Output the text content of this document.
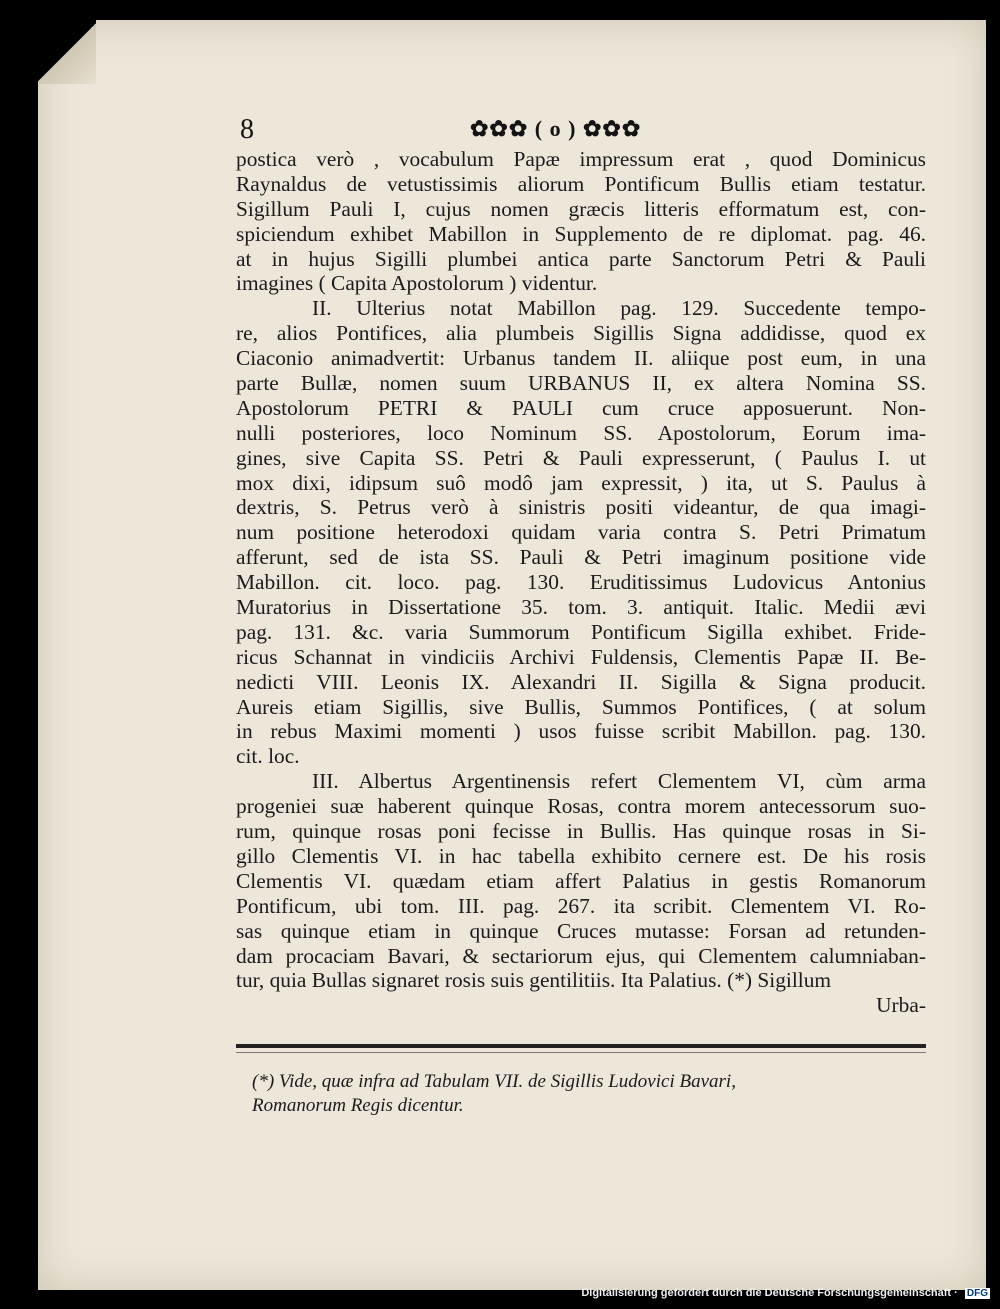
8	✿✿✿ ( o ) ✿✿✿
postica verò , vocabulum Papæ impressum erat , quod Dominicus
Raynaldus de vetustissimis aliorum Pontificum Bullis etiam testatur.
Sigillum Pauli I, cujus nomen græcis litteris efformatum est, con-
spiciendum exhibet Mabillon in Supplemento de re diplomat. pag. 46.
at in hujus Sigilli plumbei antica parte Sanctorum Petri & Pauli
imagines ( Capita Apostolorum ) videntur.
II. Ulterius notat Mabillon pag. 129. Succedente tempo-
re, alios Pontifices, alia plumbeis Sigillis Signa addidisse, quod ex
Ciaconio animadvertit: Urbanus tandem II. aliique post eum, in una
parte Bullæ, nomen suum URBANUS II, ex altera Nomina SS.
Apostolorum PETRI & PAULI cum cruce apposuerunt. Non-
nulli posteriores, loco Nominum SS. Apostolorum, Eorum ima-
gines, sive Capita SS. Petri & Pauli expresserunt, ( Paulus I. ut
mox dixi, idipsum suô modô jam expressit, ) ita, ut S. Paulus à
dextris, S. Petrus verò à sinistris positi videantur, de qua imagi-
num positione heterodoxi quidam varia contra S. Petri Primatum
afferunt, sed de ista SS. Pauli & Petri imaginum positione vide
Mabillon. cit. loco. pag. 130. Eruditissimus Ludovicus Antonius
Muratorius in Dissertatione 35. tom. 3. antiquit. Italic. Medii ævi
pag. 131. &c. varia Summorum Pontificum Sigilla exhibet. Fride-
ricus Schannat in vindiciis Archivi Fuldensis, Clementis Papæ II. Be-
nedicti VIII. Leonis IX. Alexandri II. Sigilla & Signa producit.
Aureis etiam Sigillis, sive Bullis, Summos Pontifices, ( at solum
in rebus Maximi momenti ) usos fuisse scribit Mabillon. pag. 130.
cit. loc.
III. Albertus Argentinensis refert Clementem VI, cùm arma
progeniei suæ haberent quinque Rosas, contra morem antecessorum suo-
rum, quinque rosas poni fecisse in Bullis. Has quinque rosas in Si-
gillo Clementis VI. in hac tabella exhibito cernere est. De his rosis
Clementis VI. quædam etiam affert Palatius in gestis Romanorum
Pontificum, ubi tom. III. pag. 267. ita scribit. Clementem VI. Ro-
sas quinque etiam in quinque Cruces mutasse: Forsan ad retunden-
dam procaciam Bavari, & sectariorum ejus, qui Clementem calumniaban-
tur, quia Bullas signaret rosis suis gentilitiis. Ita Palatius. (*) Sigillum
Urba-
(*) Vide, quæ infra ad Tabulam VII. de Sigillis Ludovici Bavari,
Romanorum Regis dicentur.
Digitalisierung gefördert durch die Deutsche Forschungsgemeinschaft · DFG
